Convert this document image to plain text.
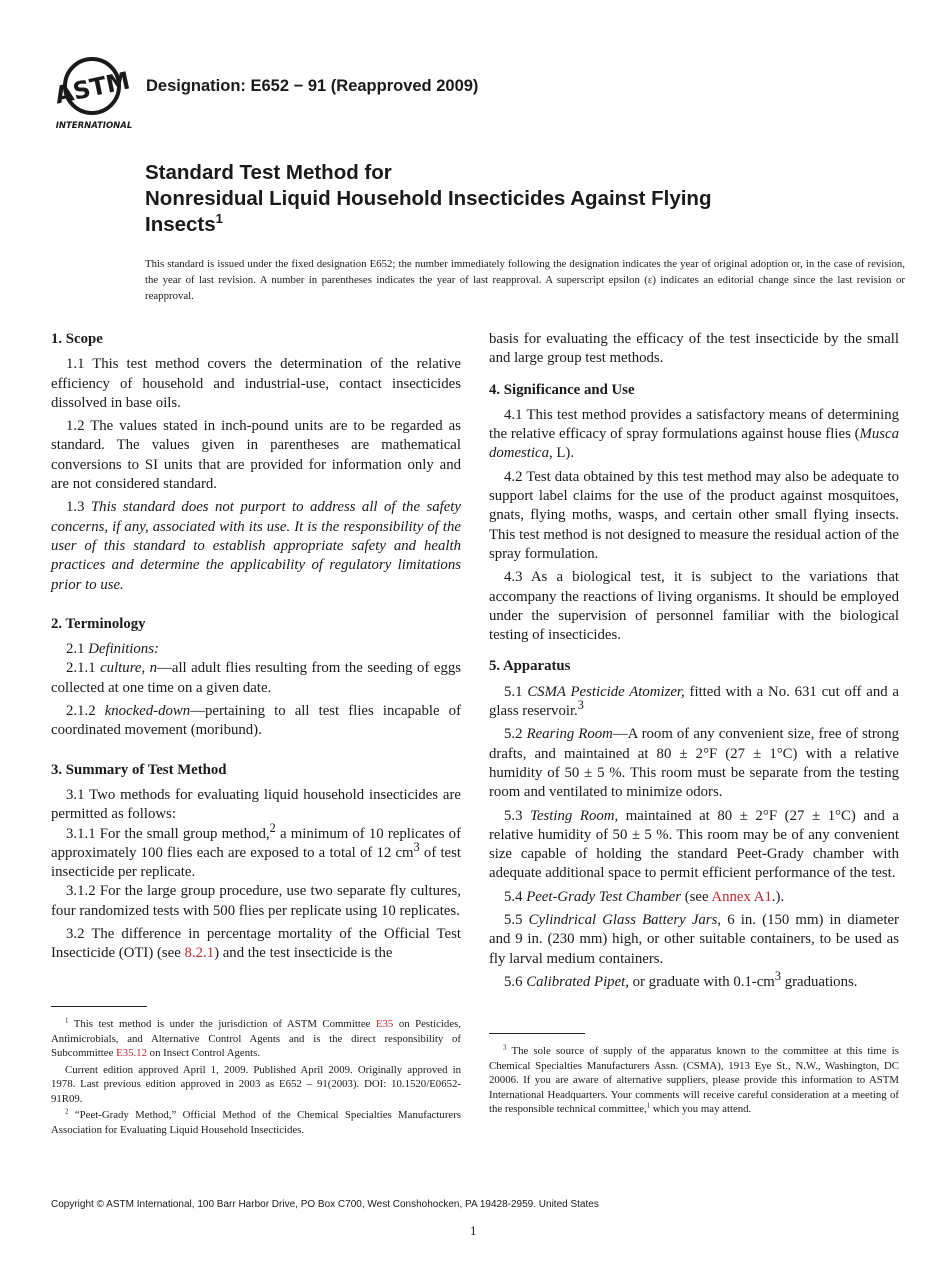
ASTM
INTERNATIONAL
Designation: E652 − 91 (Reapproved 2009)
Standard Test Method for
Nonresidual Liquid Household Insecticides Against Flying
Insects$^1$
This standard is issued under the fixed designation E652; the number immediately following the designation indicates the year of original adoption or, in the case of revision, the year of last revision. A number in parentheses indicates the year of last reapproval. A superscript epsilon (ε) indicates an editorial change since the last revision or reapproval.
1. Scope

1.1 This test method covers the determination of the relative efficiency of household and industrial-use, contact insecticides dissolved in base oils.

1.2 The values stated in inch-pound units are to be regarded as standard. The values given in parentheses are mathematical conversions to SI units that are provided for information only and are not considered standard.

1.3 This standard does not purport to address all of the safety concerns, if any, associated with its use. It is the responsibility of the user of this standard to establish appropriate safety and health practices and determine the applicability of regulatory limitations prior to use.

2. Terminology

2.1 Definitions:

2.1.1 culture, n—all adult flies resulting from the seeding of eggs collected at one time on a given date.

2.1.2 knocked-down—pertaining to all test flies incapable of coordinated movement (moribund).

3. Summary of Test Method

3.1 Two methods for evaluating liquid household insecticides are permitted as follows:

3.1.1 For the small group method,$^2$ a minimum of 10 replicates of approximately 100 flies each are exposed to a total of 12 $cm^3$ of test insecticide per replicate.

3.1.2 For the large group procedure, use two separate fly cultures, four randomized tests with 500 flies per replicate using 10 replicates.

3.2 The difference in percentage mortality of the Official Test Insecticide (OTI) (see 8.2.1) and the test insecticide is the

$^1$ This test method is under the jurisdiction of ASTM Committee E35 on Pesticides, Antimicrobials, and Alternative Control Agents and is the direct responsibility of Subcommittee E35.12 on Insect Control Agents.

Current edition approved April 1, 2009. Published April 2009. Originally approved in 1978. Last previous edition approved in 2003 as E652 – 91(2003). DOI: 10.1520/E0652-91R09.

$^2$ “Peet-Grady Method,” Official Method of the Chemical Specialties Manufacturers Association for Evaluating Liquid Household Insecticides.

basis for evaluating the efficacy of the test insecticide by the small and large group test methods.

4. Significance and Use

4.1 This test method provides a satisfactory means of determining the relative efficacy of spray formulations against house flies (Musca domestica, L).

4.2 Test data obtained by this test method may also be adequate to support label claims for the use of the product against mosquitoes, gnats, flying moths, wasps, and certain other small flying insects. This test method is not designed to measure the residual action of the spray formulation.

4.3 As a biological test, it is subject to the variations that accompany the reactions of living organisms. It should be employed under the supervision of personnel familiar with the biological testing of insecticides.

5. Apparatus

5.1 CSMA Pesticide Atomizer, fitted with a No. 631 cut off and a glass reservoir.$^3$

5.2 Rearing Room—A room of any convenient size, free of strong drafts, and maintained at 80 ± 2°F (27 ± 1°C) with a relative humidity of 50 ± 5 %. This room must be separate from the testing room and ventilated to minimize odors.

5.3 Testing Room, maintained at 80 ± 2°F (27 ± 1°C) and a relative humidity of 50 ± 5 %. This room may be of any convenient size capable of holding the standard Peet-Grady chamber with adequate additional space to permit efficient performance of the test.

5.4 Peet-Grady Test Chamber (see Annex A1.).

5.5 Cylindrical Glass Battery Jars, 6 in. (150 mm) in diameter and 9 in. (230 mm) high, or other suitable containers, to be used as fly larval medium containers.

5.6 Calibrated Pipet, or graduate with $0.1-cm^3$ graduations.

$^3$ The sole source of supply of the apparatus known to the committee at this time is Chemical Specialties Manufacturers Assn. (CSMA), 1913 Eye St., N.W., Washington, DC 20006. If you are aware of alternative suppliers, please provide this information to ASTM International Headquarters. Your comments will receive careful consideration at a meeting of the responsible technical committee,$^1$ which you may attend.

Copyright © ASTM International, 100 Barr Harbor Drive, PO Box C700, West Conshohocken, PA 19428-2959. United States
1
